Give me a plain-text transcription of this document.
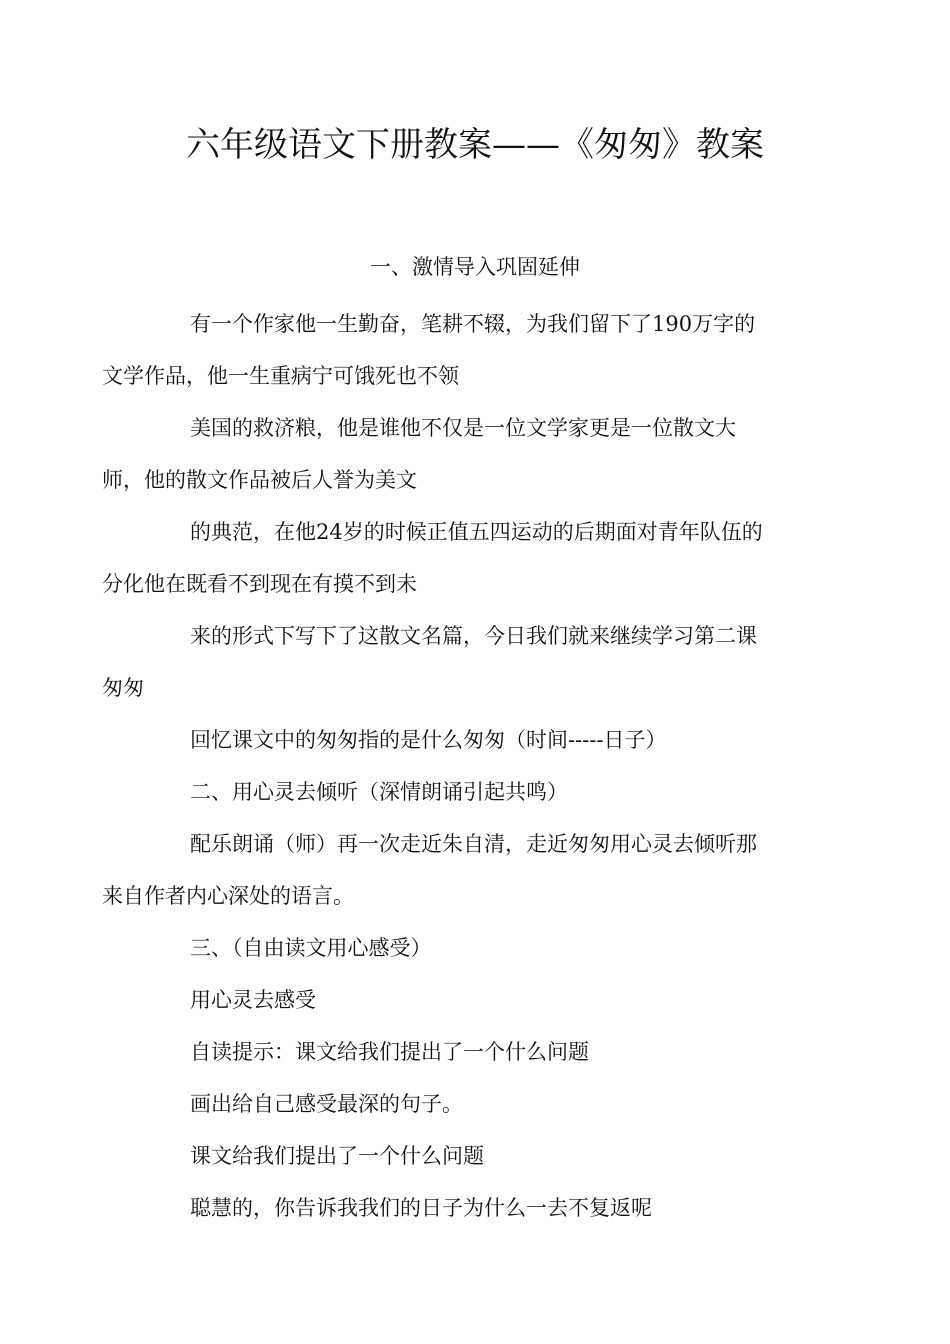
六年级语文下册教案——《匆匆》教案
一、激情导入巩固延伸

有一个作家他一生勤奋，笔耕不辍，为我们留下了190万字的
文学作品，他一生重病宁可饿死也不领

美国的救济粮，他是谁他不仅是一位文学家更是一位散文大
师，他的散文作品被后人誉为美文

的典范，在他24岁的时候正值五四运动的后期面对青年队伍的
分化他在既看不到现在有摸不到未

来的形式下写下了这散文名篇，今日我们就来继续学习第二课
匆匆

回忆课文中的匆匆指的是什么匆匆（时间-----日子）

二、用心灵去倾听（深情朗诵引起共鸣）

配乐朗诵（师）再一次走近朱自清，走近匆匆用心灵去倾听那
来自作者内心深处的语言。

三、（自由读文用心感受）

用心灵去感受

自读提示：课文给我们提出了一个什么问题

画出给自己感受最深的句子。

课文给我们提出了一个什么问题

聪慧的，你告诉我我们的日子为什么一去不复返呢
